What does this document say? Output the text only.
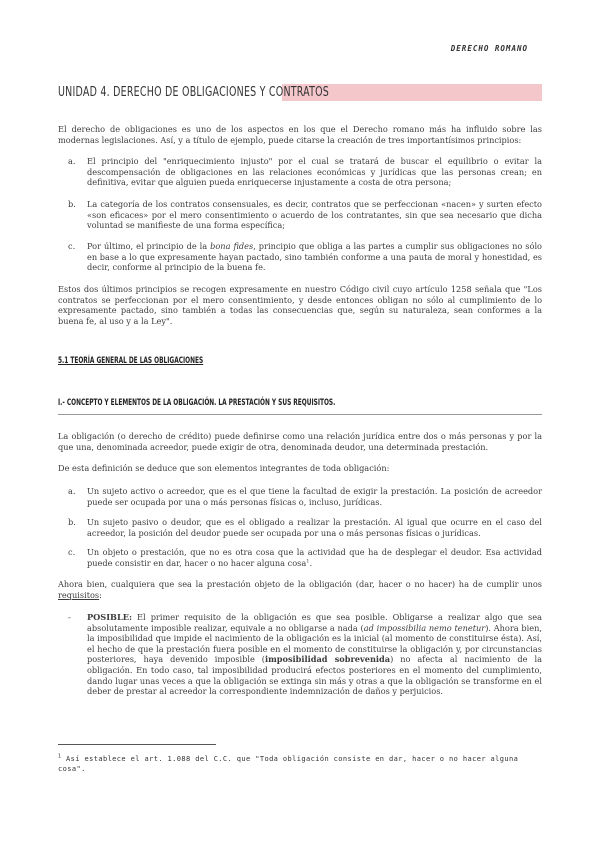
DERECHO ROMANO
UNIDAD 4. DERECHO DE OBLIGACIONES Y CONTRATOS

El derecho de obligaciones es uno de los aspectos en los que el Derecho romano más ha influido sobre las modernas legislaciones. Así, y a título de ejemplo, puede citarse la creación de tres importantísimos principios:

a. El principio del "enriquecimiento injusto" por el cual se tratará de buscar el equilibrio o evitar la descompensación de obligaciones en las relaciones económicas y jurídicas que las personas crean; en definitiva, evitar que alguien pueda enriquecerse injustamente a costa de otra persona;
b. La categoría de los contratos consensuales, es decir, contratos que se perfeccionan «nacen» y surten efecto «son eficaces» por el mero consentimiento o acuerdo de los contratantes, sin que sea necesario que dicha voluntad se manifieste de una forma específica;
c. Por último, el principio de la bona fides, principio que obliga a las partes a cumplir sus obligaciones no sólo en base a lo que expresamente hayan pactado, sino también conforme a una pauta de moral y honestidad, es decir, conforme al principio de la buena fe.

Estos dos últimos principios se recogen expresamente en nuestro Código civil cuyo artículo 1258 señala que "Los contratos se perfeccionan por el mero consentimiento, y desde entonces obligan no sólo al cumplimiento de lo expresamente pactado, sino también a todas las consecuencias que, según su naturaleza, sean conformes a la buena fe, al uso y a la Ley".

5.1 TEORÍA GENERAL DE LAS OBLIGACIONES
I.- CONCEPTO Y ELEMENTOS DE LA OBLIGACIÓN. LA PRESTACIÓN Y SUS REQUISITOS.

La obligación (o derecho de crédito) puede definirse como una relación jurídica entre dos o más personas y por la que una, denominada acreedor, puede exigir de otra, denominada deudor, una determinada prestación.

De esta definición se deduce que son elementos integrantes de toda obligación:

a. Un sujeto activo o acreedor, que es el que tiene la facultad de exigir la prestación. La posición de acreedor puede ser ocupada por una o más personas físicas o, incluso, jurídicas.
b. Un sujeto pasivo o deudor, que es el obligado a realizar la prestación. Al igual que ocurre en el caso del acreedor, la posición del deudor puede ser ocupada por una o más personas físicas o jurídicas.
c. Un objeto o prestación, que no es otra cosa que la actividad que ha de desplegar el deudor. Esa actividad puede consistir en dar, hacer o no hacer alguna cosa$^1$.

Ahora bien, cualquiera que sea la prestación objeto de la obligación (dar, hacer o no hacer) ha de cumplir unos requisitos:

- POSIBLE: El primer requisito de la obligación es que sea posible. Obligarse a realizar algo que sea absolutamente imposible realizar, equivale a no obligarse a nada (ad impossibilia nemo tenetur). Ahora bien, la imposibilidad que impide el nacimiento de la obligación es la inicial (al momento de constituirse ésta). Así, el hecho de que la prestación fuera posible en el momento de constituirse la obligación y, por circunstancias posteriores, haya devenido imposible (imposibilidad sobrevenida) no afecta al nacimiento de la obligación. En todo caso, tal imposibilidad producirá efectos posteriores en el momento del cumplimiento, dando lugar unas veces a que la obligación se extinga sin más y otras a que la obligación se transforme en el deber de prestar al acreedor la correspondiente indemnización de daños y perjuicios.
$^1$ Así establece el art. 1.088 del C.C. que "Toda obligación consiste en dar, hacer o no hacer alguna cosa".
